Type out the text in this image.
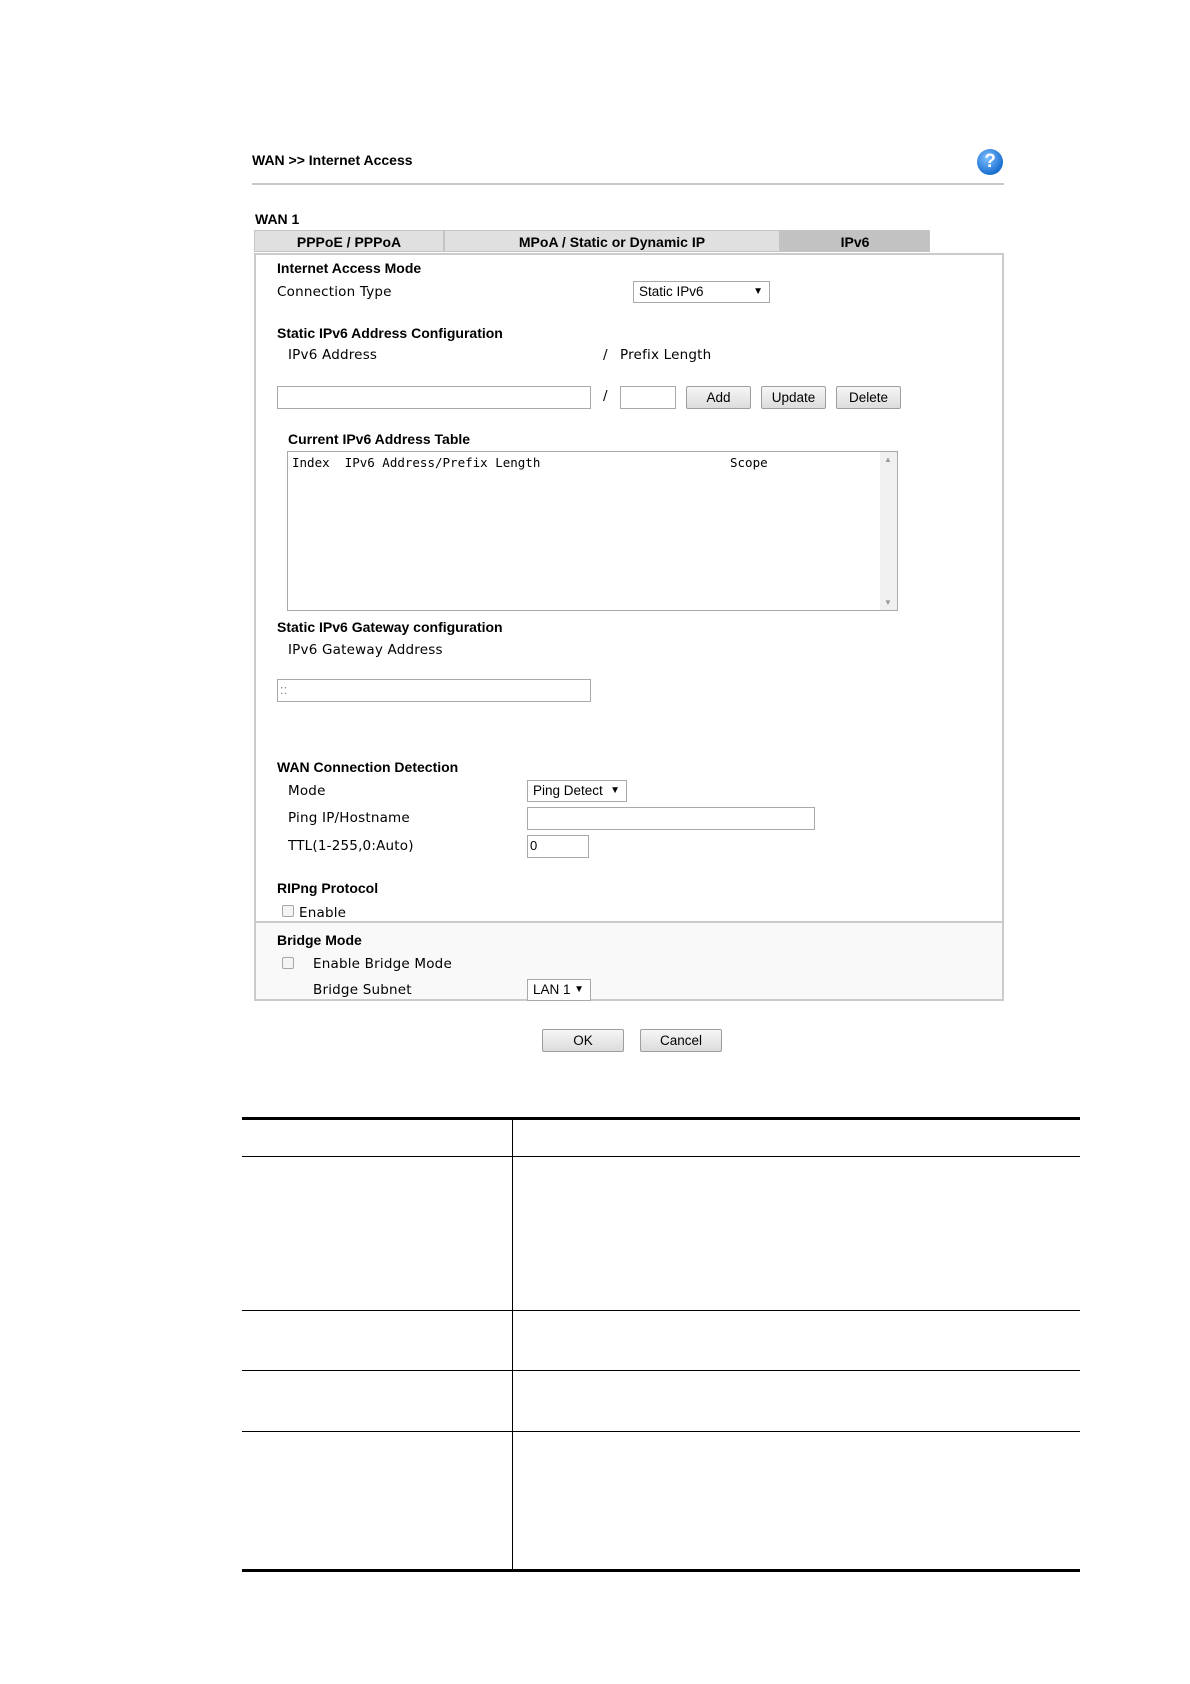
WAN >> Internet Access	?
WAN 1
PPPoE / PPPoA	MPoA / Static or Dynamic IP	IPv6
Internet Access Mode
Connection Type	Static IPv6	▼
Static IPv6 Address Configuration
IPv6 Address	/ Prefix Length
/	Add	Update	Delete
Current IPv6 Address Table
▲
▼
Index  IPv6 Address/Prefix Length	Scope
Static IPv6 Gateway configuration
IPv6 Gateway Address
::
WAN Connection Detection
Mode	Ping Detect ▼
Ping IP/Hostname
TTL(1-255,0:Auto)	0
RIPng Protocol
Enable
Bridge Mode
Enable Bridge Mode
Bridge Subnet	LAN 1 ▼
OK	Cancel
